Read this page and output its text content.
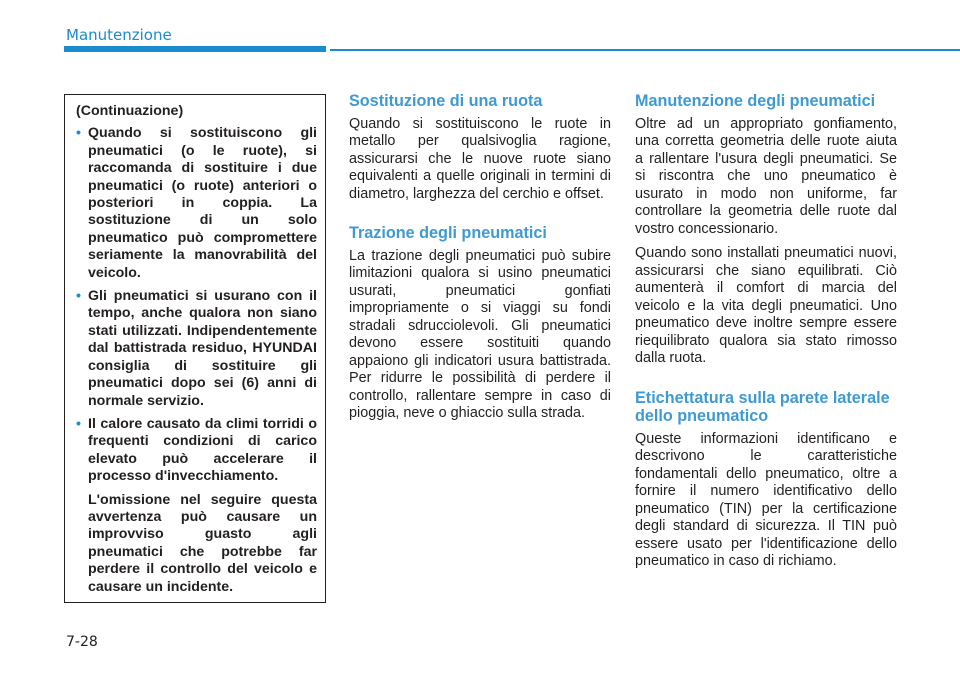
Manutenzione
(Continuazione)
• Quando si sostituiscono gli pneumatici (o le ruote), si raccomanda di sostituire i due pneumatici (o ruote) anteriori o posteriori in coppia. La sostituzione di un solo pneumatico può compromettere seriamente la manovrabilità del veicolo.
• Gli pneumatici si usurano con il tempo, anche qualora non siano stati utilizzati. Indipendentemente dal battistrada residuo, HYUNDAI consiglia di sostituire gli pneumatici dopo sei (6) anni di normale servizio.
• Il calore causato da climi torridi o frequenti condizioni di carico elevato può accelerare il processo d'invecchiamento.
L'omissione nel seguire questa avvertenza può causare un improvviso guasto agli pneumatici che potrebbe far perdere il controllo del veicolo e causare un incidente.
Sostituzione di una ruota

Quando si sostituiscono le ruote in metallo per qualsivoglia ragione, assicurarsi che le nuove ruote siano equivalenti a quelle originali in termini di diametro, larghezza del cerchio e offset.

Trazione degli pneumatici

La trazione degli pneumatici può subire limitazioni qualora si usino pneumatici usurati, pneumatici gonfiati impropriamente o si viaggi su fondi stradali sdrucciolevoli. Gli pneumatici devono essere sostituiti quando appaiono gli indicatori usura battistrada. Per ridurre le possibilità di perdere il controllo, rallentare sempre in caso di pioggia, neve o ghiaccio sulla strada.

Manutenzione degli pneumatici

Oltre ad un appropriato gonfiamento, una corretta geometria delle ruote aiuta a rallentare l'usura degli pneumatici. Se si riscontra che uno pneumatico è usurato in modo non uniforme, far controllare la geometria delle ruote dal vostro concessionario.

Quando sono installati pneumatici nuovi, assicurarsi che siano equilibrati. Ciò aumenterà il comfort di marcia del veicolo e la vita degli pneumatici. Uno pneumatico deve inoltre sempre essere riequilibrato qualora sia stato rimosso dalla ruota.

Etichettatura sulla parete laterale dello pneumatico

Queste informazioni identificano e descrivono le caratteristiche fondamentali dello pneumatico, oltre a fornire il numero identificativo dello pneumatico (TIN) per la certificazione degli standard di sicurezza. Il TIN può essere usato per l'identificazione dello pneumatico in caso di richiamo.

7-28
